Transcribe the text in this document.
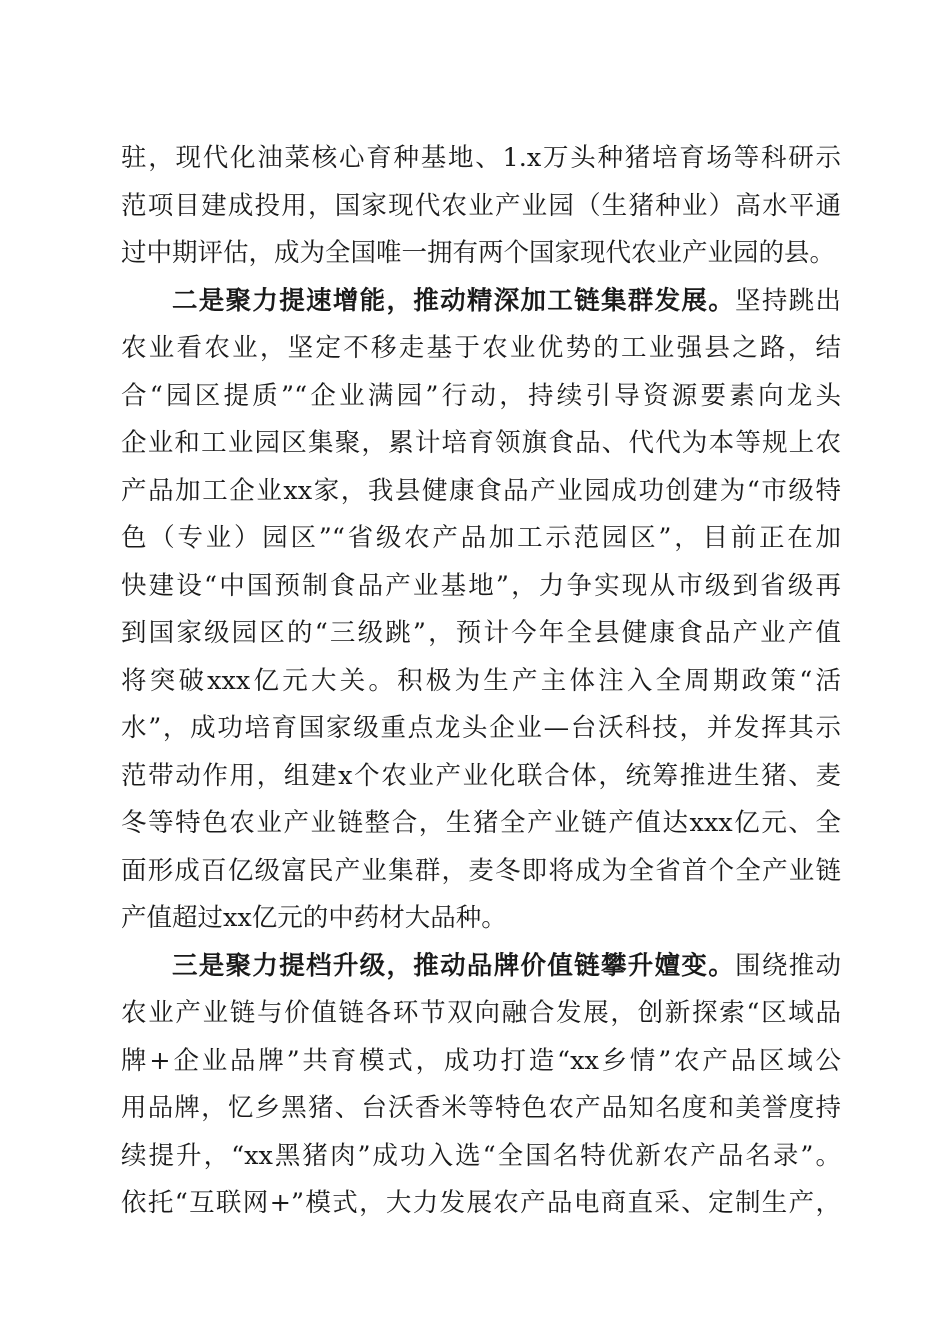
驻，现代化油菜核心育种基地、1.x万头种猪培育场等科研示
范项目建成投用，国家现代农业产业园（生猪种业）高水平通
过中期评估，成为全国唯一拥有两个国家现代农业产业园的县。
二是聚力提速增能，推动精深加工链集群发展。坚持跳出
农业看农业，坚定不移走基于农业优势的工业强县之路，结
合“园区提质”“企业满园”行动，持续引导资源要素向龙头
企业和工业园区集聚，累计培育领旗食品、代代为本等规上农
产品加工企业xx家，我县健康食品产业园成功创建为“市级特
色（专业）园区”“省级农产品加工示范园区”，目前正在加
快建设“中国预制食品产业基地”，力争实现从市级到省级再
到国家级园区的“三级跳”，预计今年全县健康食品产业产值
将突破xxx亿元大关。积极为生产主体注入全周期政策“活
水”，成功培育国家级重点龙头企业—台沃科技，并发挥其示
范带动作用，组建x个农业产业化联合体，统筹推进生猪、麦
冬等特色农业产业链整合，生猪全产业链产值达xxx亿元、全
面形成百亿级富民产业集群，麦冬即将成为全省首个全产业链
产值超过xx亿元的中药材大品种。
三是聚力提档升级，推动品牌价值链攀升嬗变。围绕推动
农业产业链与价值链各环节双向融合发展，创新探索“区域品
牌+企业品牌”共育模式，成功打造“xx乡情”农产品区域公
用品牌，忆乡黑猪、台沃香米等特色农产品知名度和美誉度持
续提升，“xx黑猪肉”成功入选“全国名特优新农产品名录”。
依托“互联网+”模式，大力发展农产品电商直采、定制生产，
